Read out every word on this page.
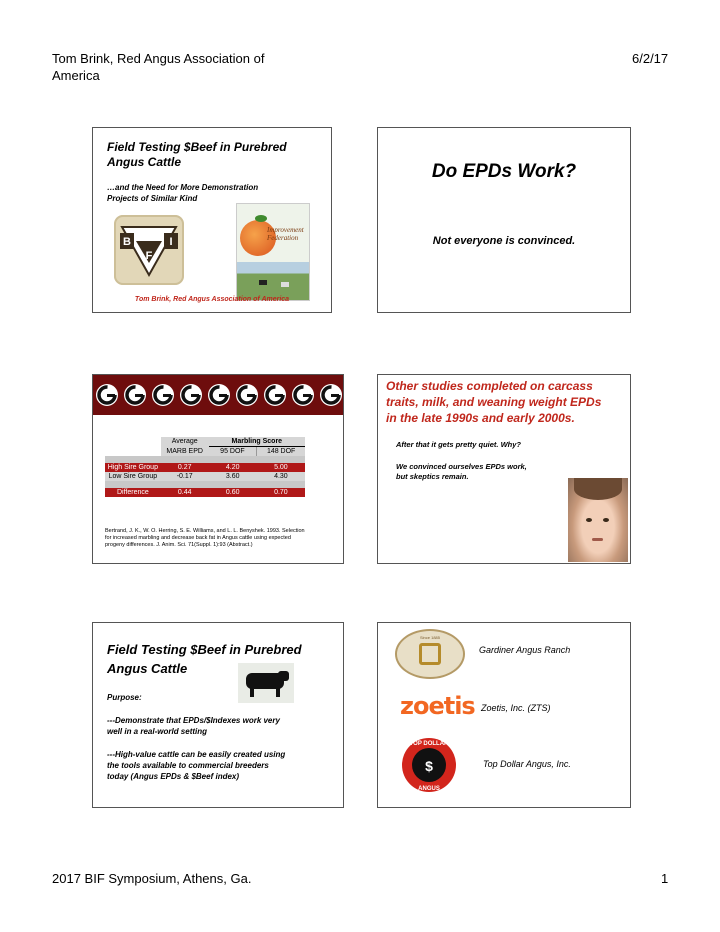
Tom Brink, Red Angus Association of
America
6/2/17
Field Testing $Beef in Purebred
Angus Cattle
…and the Need for More Demonstration
Projects of Similar Kind
B	I
F
Improvement
Federation
Tom Brink, Red Angus Association of America
Do EPDs Work?
Not everyone is convinced.
	Average	Marbling Score	
	MARB EPD	95 DOF	148 DOF

High Sire Group	0.27	4.20	5.00
Low Sire Group	-0.17	3.60	4.30

Difference	0.44	0.60	0.70
Bertrand, J. K., W. O. Herring, S. E. Williams, and L. L. Benyshek. 1993. Selection
for increased marbling and decrease back fat in Angus cattle using expected
progeny differences. J. Anim. Sci. 71(Suppl. 1):93 (Abstract.)
Other studies completed on carcass
traits, milk, and weaning weight EPDs
in the late 1990s and early 2000s.
After that it gets pretty quiet. Why?
We convinced ourselves EPDs work,
but skeptics remain.
Field Testing $Beef in Purebred
Angus Cattle
Purpose:
---Demonstrate that EPDs/$Indexes work very
well in a real-world setting
---High-value cattle can be easily created using
the tools available to commercial breeders
today (Angus EPDs & $Beef index)
Since 1885
Gardiner Angus Ranch
zoetis Zoetis, Inc. (ZTS)
$
TOP DOLLAR
ANGUS
Top Dollar Angus, Inc.
2017 BIF Symposium, Athens, Ga.	1
